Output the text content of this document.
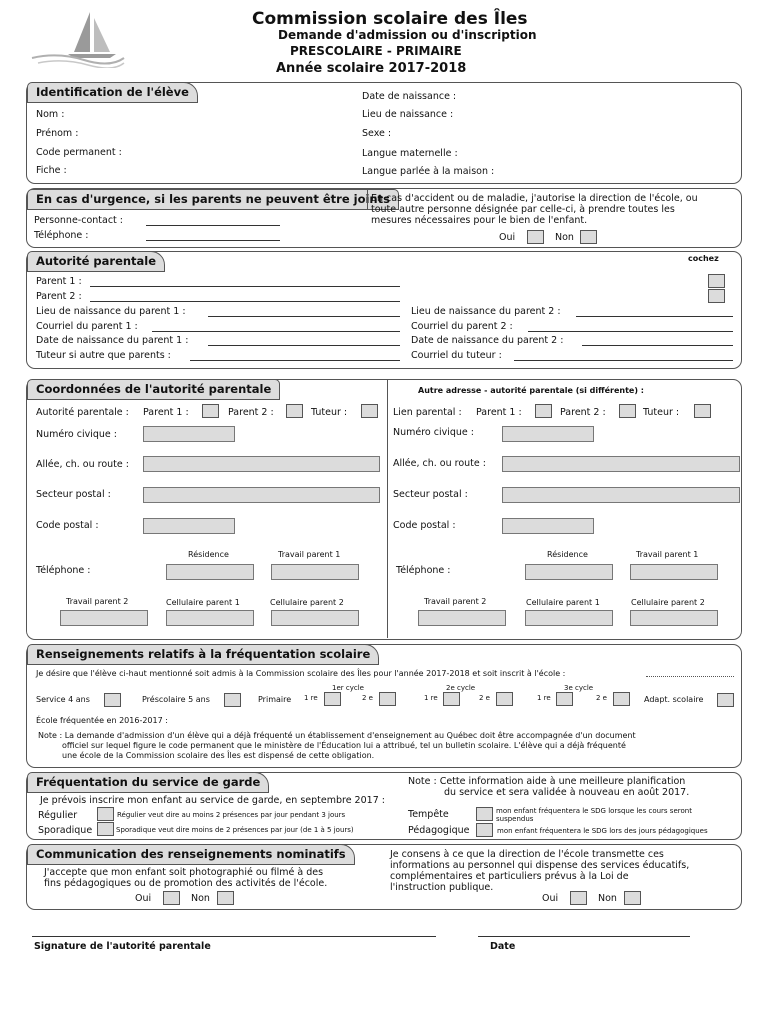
Commission scolaire des Îles
Demande d'admission ou d'inscription
PRESCOLAIRE - PRIMAIRE
Année scolaire 2017-2018
Identification de l'élève
Nom :
Prénom :
Code permanent :
Fiche :
Date de naissance :
Lieu de naissance :
Sexe :
Langue maternelle :
Langue parlée à la maison :
En cas d'urgence, si les parents ne peuvent être joints
Personne-contact :
Téléphone :
En cas d'accident ou de maladie, j'autorise la direction de l'école, ou
toute autre personne désignée par celle-ci, à prendre toutes les
mesures nécessaires pour le bien de l'enfant.
Oui	Non
Autorité parentale	cochez
Parent 1 :
Parent 2 :
Lieu de naissance du parent 1 :
Courriel du parent 1 :
Date de naissance du parent 1 :
Tuteur si autre que parents :
Lieu de naissance du parent 2 :
Courriel du parent 2 :
Date de naissance du parent 2 :
Courriel du tuteur :
Coordonnées de l'autorité parentale	Autre adresse - autorité parentale (si différente) :
Autorité parentale : Parent 1 :	Parent 2 :	Tuteur :
Numéro civique :
Allée, ch. ou route :
Secteur postal :
Code postal :
Résidence	Travail parent 1
Téléphone :
Travail parent 2	Cellulaire parent 1	Cellulaire parent 2
Lien parental : Parent 1 :	Parent 2 :	Tuteur :
Numéro civique :
Allée, ch. ou route :
Secteur postal :
Code postal :
Résidence	Travail parent 1
Téléphone :
Travail parent 2	Cellulaire parent 1	Cellulaire parent 2
Renseignements relatifs à la fréquentation scolaire
Je désire que l'élève ci-haut mentionné soit admis à la Commission scolaire des Îles pour l'année 2017-2018 et soit inscrit à l'école :
Service 4 ans	Préscolaire 5 ans	Primaire
1er cycle
1 re	2 e
2e cycle
1 re	2 e
3e cycle
1 re	2 e	Adapt. scolaire
École fréquentée en 2016-2017 :
Note : La demande d'admission d'un élève qui a déjà fréquenté un établissement d'enseignement au Québec doit être accompagnée d'un document
officiel sur lequel figure le code permanent que le ministère de l'Éducation lui a attribué, tel un bulletin scolaire. L'élève qui a déjà fréquenté
une école de la Commission scolaire des Îles est dispensé de cette obligation.
Fréquentation du service de garde	Note : Cette information aide à une meilleure planification
du service et sera validée à nouveau en août 2017.
Je prévois inscrire mon enfant au service de garde, en septembre 2017 :
Régulier	Régulier veut dire au moins 2 présences par jour pendant 3 jours
Sporadique	Sporadique veut dire moins de 2 présences par jour (de 1 à 5 jours)
Tempête	mon enfant fréquentera le SDG lorsque les cours seront
suspendus
Pédagogique	mon enfant fréquentera le SDG lors des jours pédagogiques
Communication des renseignements nominatifs
J'accepte que mon enfant soit photographié ou filmé à des
fins pédagogiques ou de promotion des activités de l'école.
Oui	Non
Je consens à ce que la direction de l'école transmette ces
informations au personnel qui dispense des services éducatifs,
complémentaires et particuliers prévus à la Loi de
l'instruction publique.
Oui	Non
Signature de l'autorité parentale	Date
